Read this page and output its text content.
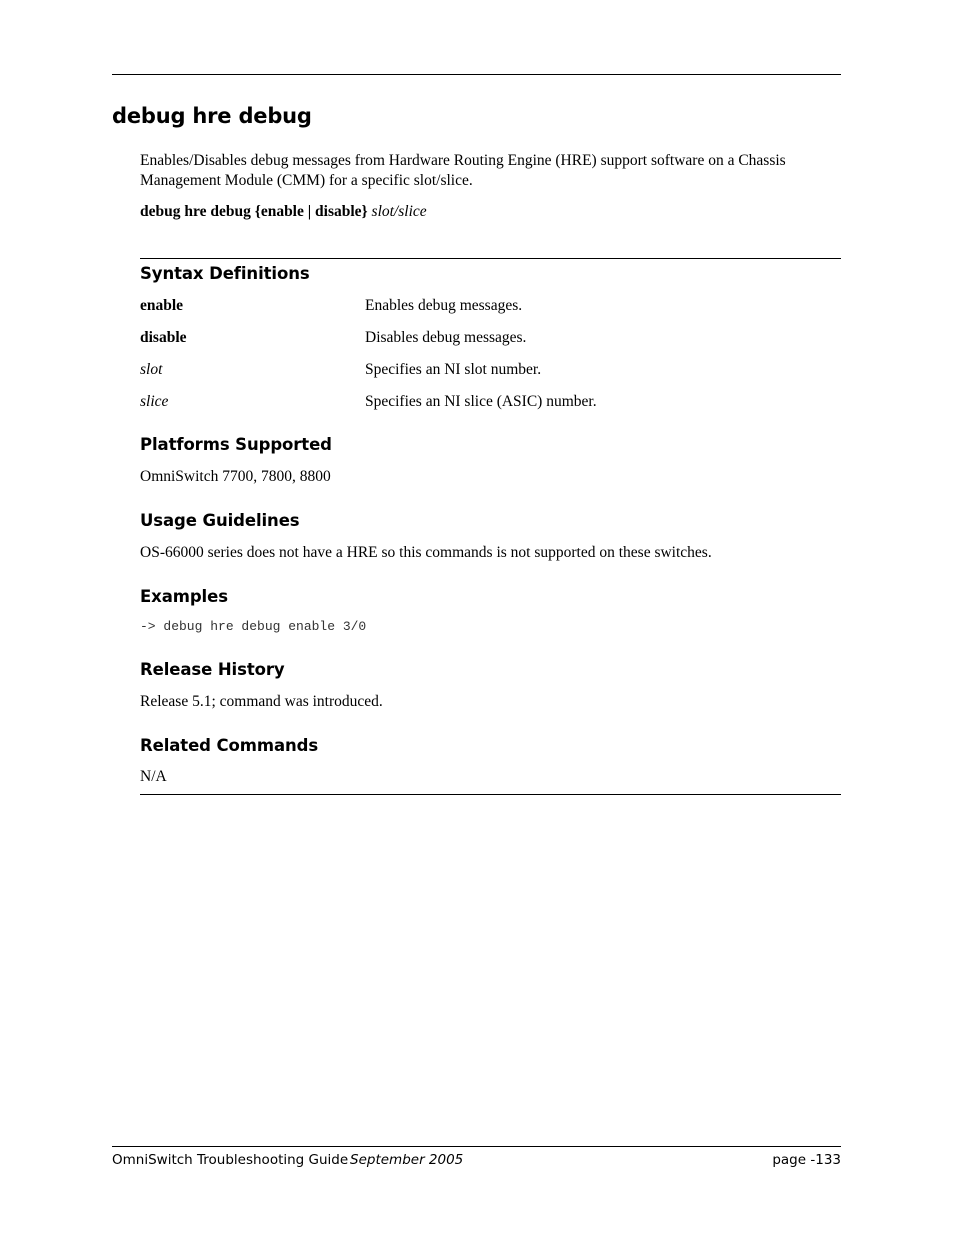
debug hre debug

Enables/Disables debug messages from Hardware Routing Engine (HRE) support software on a Chassis Management Module (CMM) for a specific slot/slice.

debug hre debug {enable | disable} slot/slice
Syntax Definitions
enable	Enables debug messages.
disable	Disables debug messages.
slot	Specifies an NI slot number.
slice	Specifies an NI slice (ASIC) number.
Platforms Supported

OmniSwitch 7700, 7800, 8800

Usage Guidelines

OS-66000 series does not have a HRE so this commands is not supported on these switches.

Examples
-> debug hre debug enable 3/0
Release History

Release 5.1; command was introduced.

Related Commands

N/A

OmniSwitch Troubleshooting Guide September 2005	page -133
